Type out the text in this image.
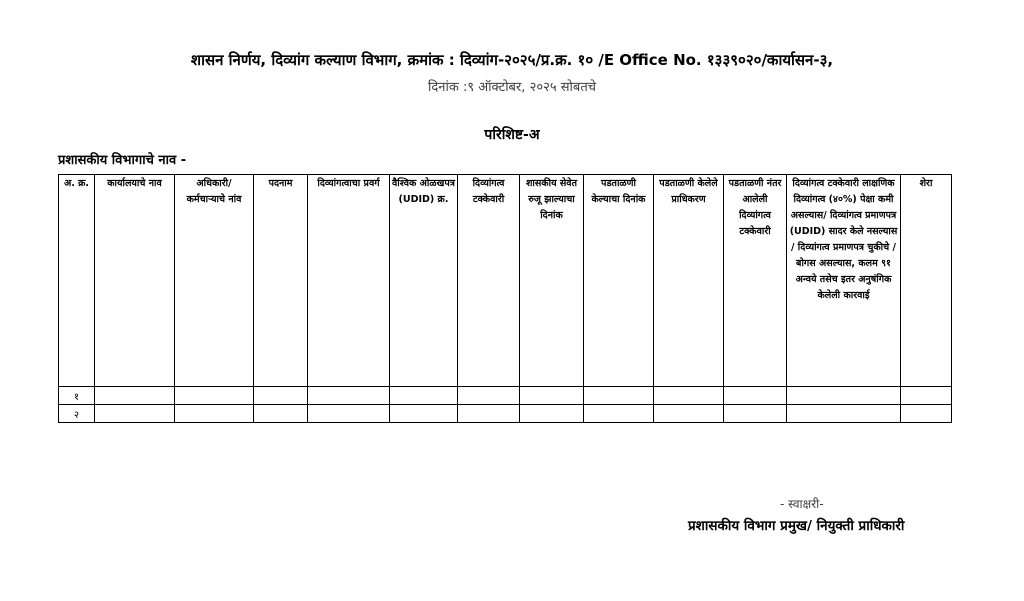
शासन निर्णय, दिव्यांग कल्याण विभाग, क्रमांक : दिव्यांग-२०२५/प्र.क्र. १० /E Office No. १३३९०२०/कार्यासन-३,
दिनांक :९ ऑक्टोबर, २०२५ सोबतचे
परिशिष्ट-अ
प्रशासकीय विभागाचे नाव -
अ. क्र.	कार्यालयाचे नाव	अधिकारी/ कर्मचाऱ्याचे नांव	पदनाम	दिव्यांगत्वाचा प्रवर्ग	वैश्विक ओळखपत्र (UDID) क्र.	दिव्यांगत्व टक्केवारी	शासकीय सेवेत रुजू झाल्याचा दिनांक	पडताळणी केल्याचा दिनांक	पडताळणी केलेले प्राधिकरण	पडताळणी नंतर आलेली दिव्यांगत्व टक्केवारी	दिव्यांगत्व टक्केवारी लाक्षणिक दिव्यांगत्व (४०%) पेक्षा कमी असल्यास/ दिव्यांगत्व प्रमाणपत्र (UDID) सादर केले नसल्यास / दिव्यांगत्व प्रमाणपत्र चुकीचे / बोगस असल्यास, कलम ९१ अन्वये तसेच इतर अनुषंगिक केलेली कारवाई	शेरा
१												
२												
- स्वाक्षरी-
प्रशासकीय विभाग प्रमुख/ नियुक्ती प्राधिकारी
